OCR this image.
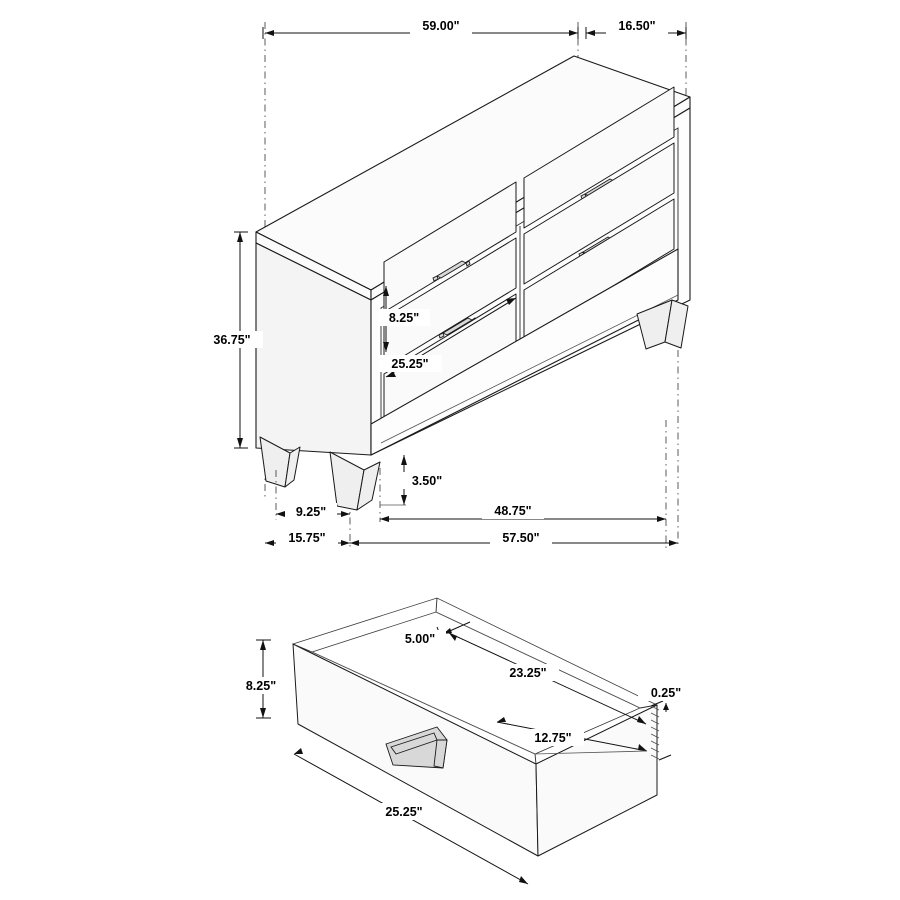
59.00"	16.50"
36.75"
8.25"
25.25"
3.50"
9.25"
15.75"
48.75"
57.50"
5.00"
23.25"
0.25"
12.75"
8.25"
25.25"
